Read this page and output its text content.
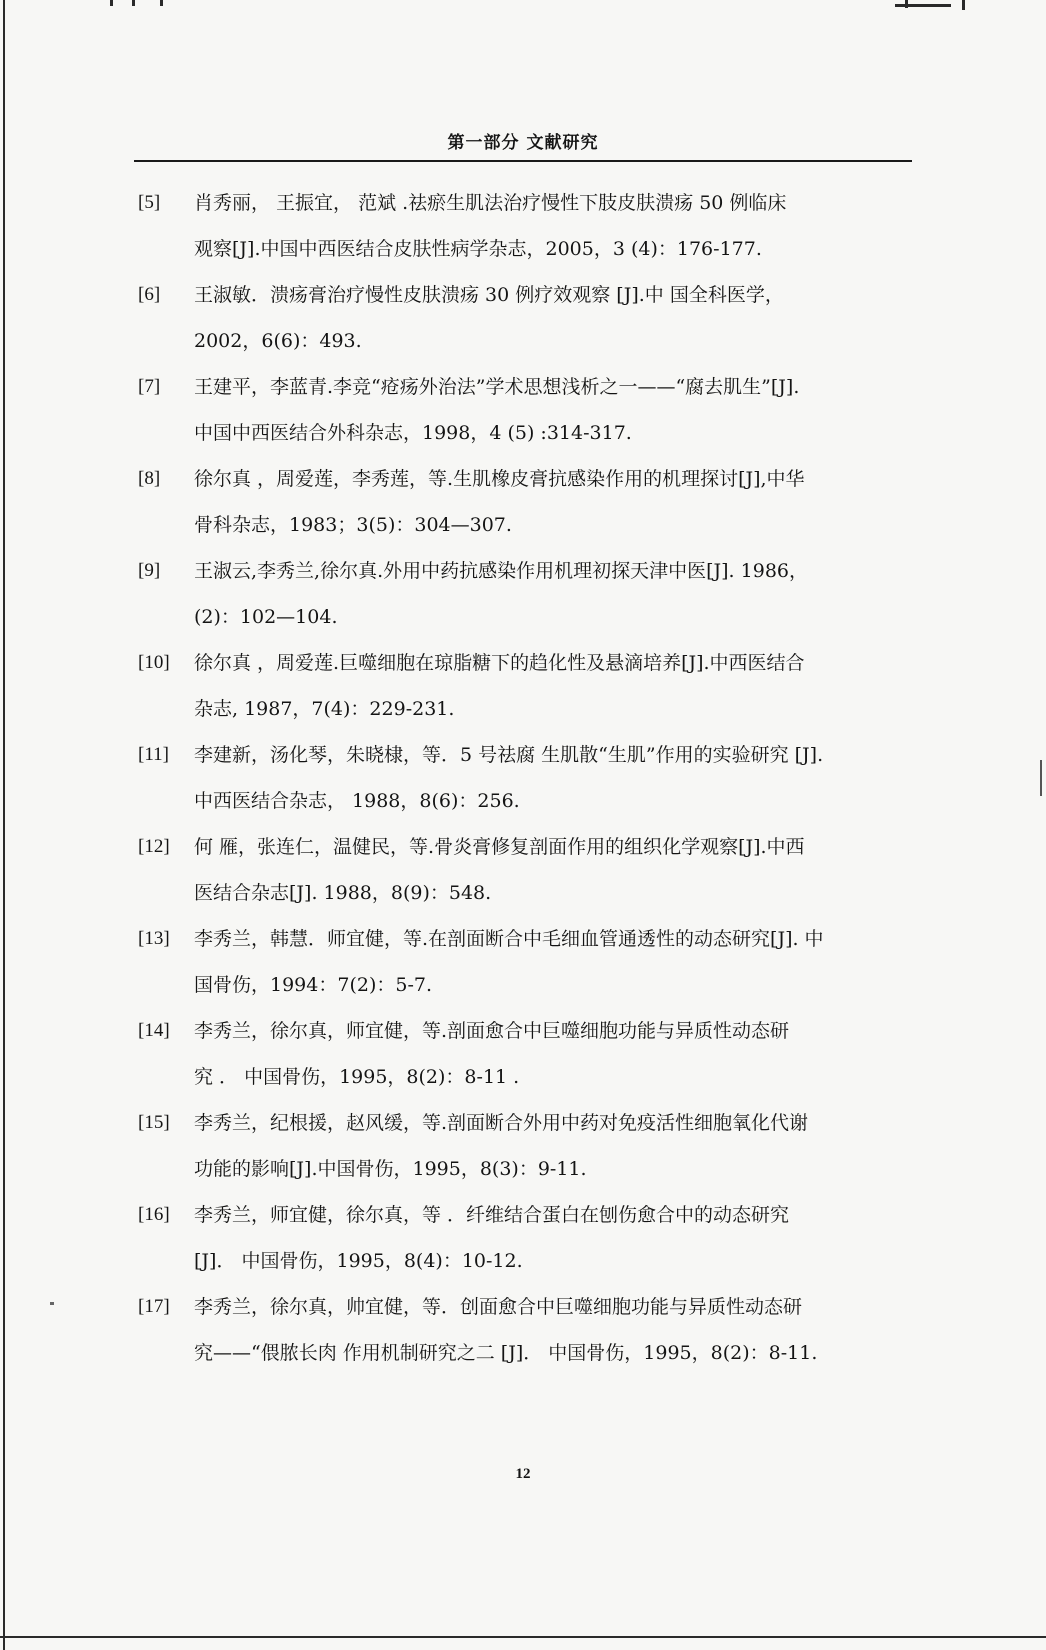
第一部分 文献研究
[5] 肖秀丽， 王振宜， 范斌 .祛瘀生肌法治疗慢性下肢皮肤溃疡 50 例临床
观察[J].中国中西医结合皮肤性病学杂志，2005，3 (4)：176-177.
[6] 王淑敏．溃疡膏治疗慢性皮肤溃疡 30 例疗效观察 [J].中 国全科医学，
2002，6(6)：493.
[7] 王建平，李蓝青.李竞“疮疡外治法”学术思想浅析之一——“腐去肌生”[J].
中国中西医结合外科杂志，1998，4 (5) :314-317.
[8] 徐尔真 ，周爱莲，李秀莲，等.生肌橡皮膏抗感染作用的机理探讨[J],中华
骨科杂志，1983；3(5)：304—307.
[9] 王淑云,李秀兰,徐尔真.外用中药抗感染作用机理初探天津中医[J]. 1986，
(2)：102—104.
[10] 徐尔真 ，周爱莲.巨噬细胞在琼脂糖下的趋化性及悬滴培养[J].中西医结合
杂志, 1987，7(4)：229-231.
[11] 李建新，汤化琴，朱晓棣，等．5 号祛腐 生肌散“生肌”作用的实验研究 [J].
中西医结合杂志， 1988，8(6)：256.
[12] 何 雁，张连仁，温健民，等.骨炎膏修复剖面作用的组织化学观察[J].中西
医结合杂志[J]. 1988，8(9)：548.
[13] 李秀兰，韩慧．师宜健，等.在剖面断合中毛细血管通透性的动态研究[J]. 中
国骨伤，1994：7(2)：5-7.
[14] 李秀兰，徐尔真，师宜健，等.剖面愈合中巨噬细胞功能与异质性动态研
究 ． 中国骨伤，1995，8(2)：8-11 .
[15] 李秀兰，纪根援，赵风缓，等.剖面断合外用中药对免疫活性细胞氧化代谢
功能的影响[J].中国骨伤，1995，8(3)：9-11.
[16] 李秀兰，师宜健，徐尔真，等 ．纤维结合蛋白在刨伤愈合中的动态研究
[J]． 中国骨伤，1995，8(4)：10-12.
[17] 李秀兰，徐尔真，帅宜健，等．创面愈合中巨噬细胞功能与异质性动态研
究——“偎脓长肉 作用机制研究之二 [J]． 中国骨伤，1995，8(2)：8-11.
12
